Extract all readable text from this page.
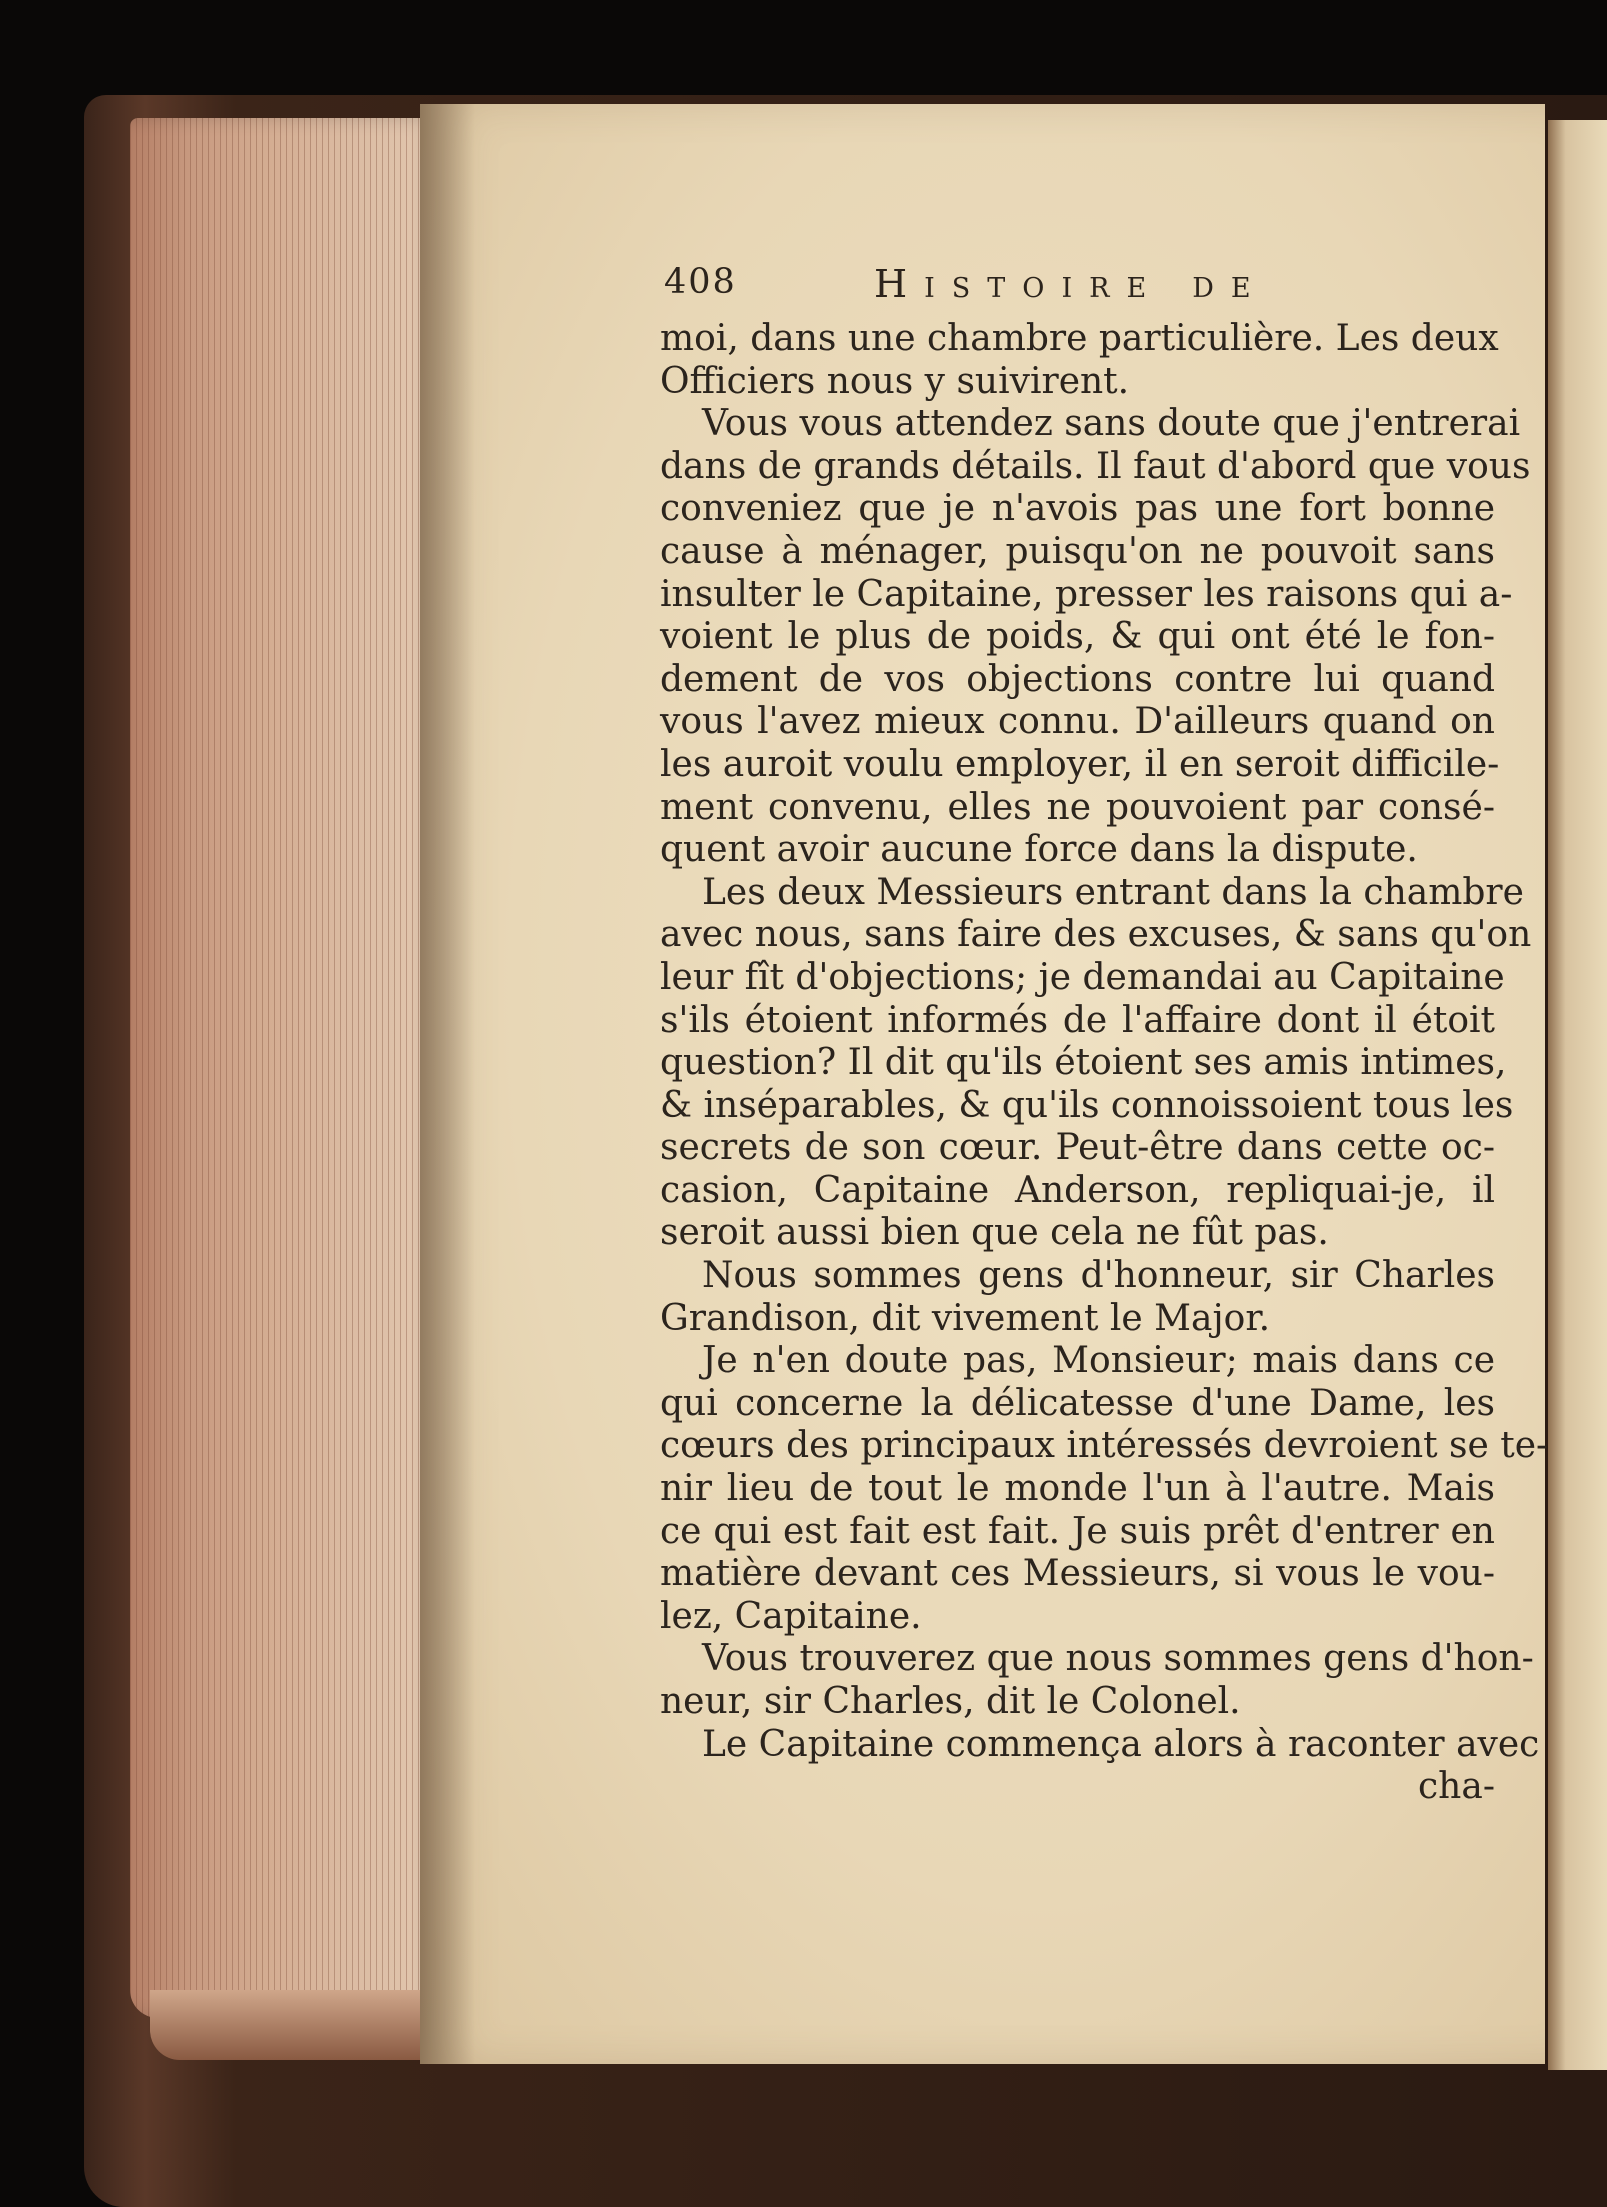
408	Histoire de
moi, dans une chambre particulière. Les deux
Officiers nous y suivirent.
Vous vous attendez sans doute que j'entrerai
dans de grands détails. Il faut d'abord que vous
conveniez que je n'avois pas une fort bonne
cause à ménager, puisqu'on ne pouvoit sans
insulter le Capitaine, presser les raisons qui a-
voient le plus de poids, & qui ont été le fon-
dement de vos objections contre lui quand
vous l'avez mieux connu. D'ailleurs quand on
les auroit voulu employer, il en seroit difficile-
ment convenu, elles ne pouvoient par consé-
quent avoir aucune force dans la dispute.
Les deux Messieurs entrant dans la chambre
avec nous, sans faire des excuses, & sans qu'on
leur fît d'objections; je demandai au Capitaine
s'ils étoient informés de l'affaire dont il étoit
question? Il dit qu'ils étoient ses amis intimes,
& inséparables, & qu'ils connoissoient tous les
secrets de son cœur. Peut-être dans cette oc-
casion, Capitaine Anderson, repliquai-je, il
seroit aussi bien que cela ne fût pas.
Nous sommes gens d'honneur, sir Charles
Grandison, dit vivement le Major.
Je n'en doute pas, Monsieur; mais dans ce
qui concerne la délicatesse d'une Dame, les
cœurs des principaux intéressés devroient se te-
nir lieu de tout le monde l'un à l'autre. Mais
ce qui est fait est fait. Je suis prêt d'entrer en
matière devant ces Messieurs, si vous le vou-
lez, Capitaine.
Vous trouverez que nous sommes gens d'hon-
neur, sir Charles, dit le Colonel.
Le Capitaine commença alors à raconter avec
cha-
